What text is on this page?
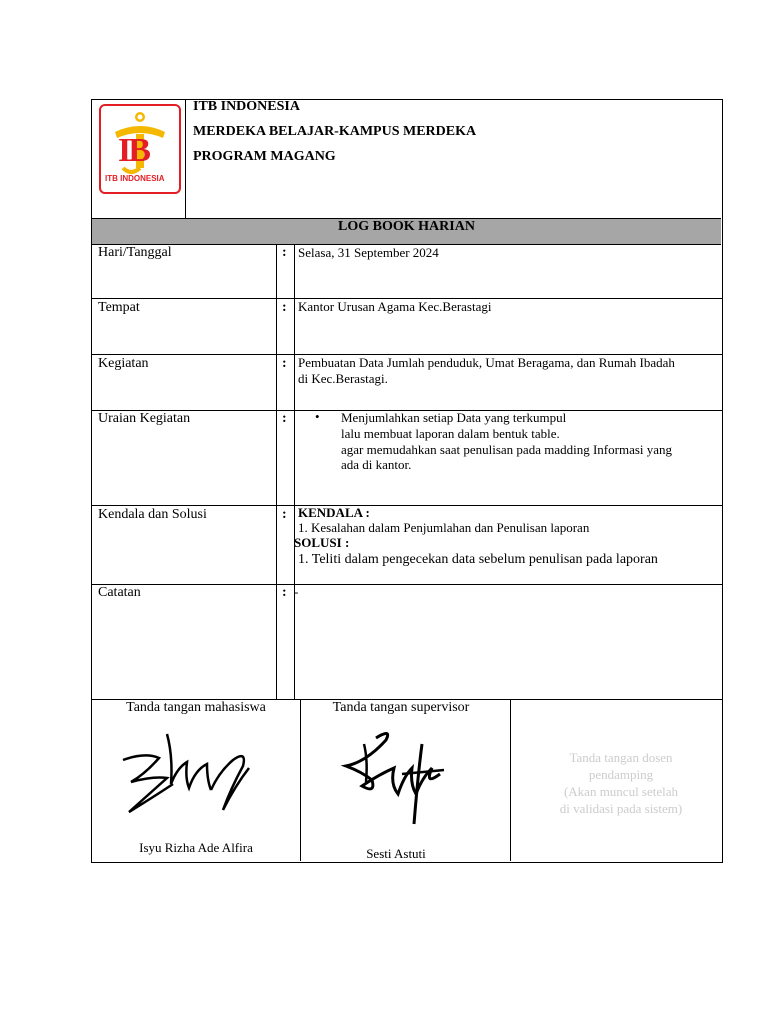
IB
ITB INDONESIA
ITB INDONESIA
MERDEKA BELAJAR-KAMPUS MERDEKA
PROGRAM MAGANG
LOG BOOK HARIAN
Hari/Tanggal	: Selasa, 31 September 2024
Tempat	: Kantor Urusan Agama Kec.Berastagi
Kegiatan	: Pembuatan Data Jumlah penduduk, Umat Beragama, dan Rumah Ibadah
di Kec.Berastagi.
Uraian Kegiatan	: • Menjumlahkan setiap Data yang terkumpul
lalu membuat laporan dalam bentuk table.
agar memudahkan saat penulisan pada madding Informasi yang
ada di kantor.
Kendala dan Solusi	: KENDALA :
1. Kesalahan dalam Penjumlahan dan Penulisan laporan
SOLUSI :
1. Teliti dalam pengecekan data sebelum penulisan pada laporan
Catatan	: -
Tanda tangan mahasiswa
Isyu Rizha Ade Alfira
Tanda tangan supervisor
Sesti Astuti
Tanda tangan dosen
pendamping
(Akan muncul setelah
di validasi pada sistem)
